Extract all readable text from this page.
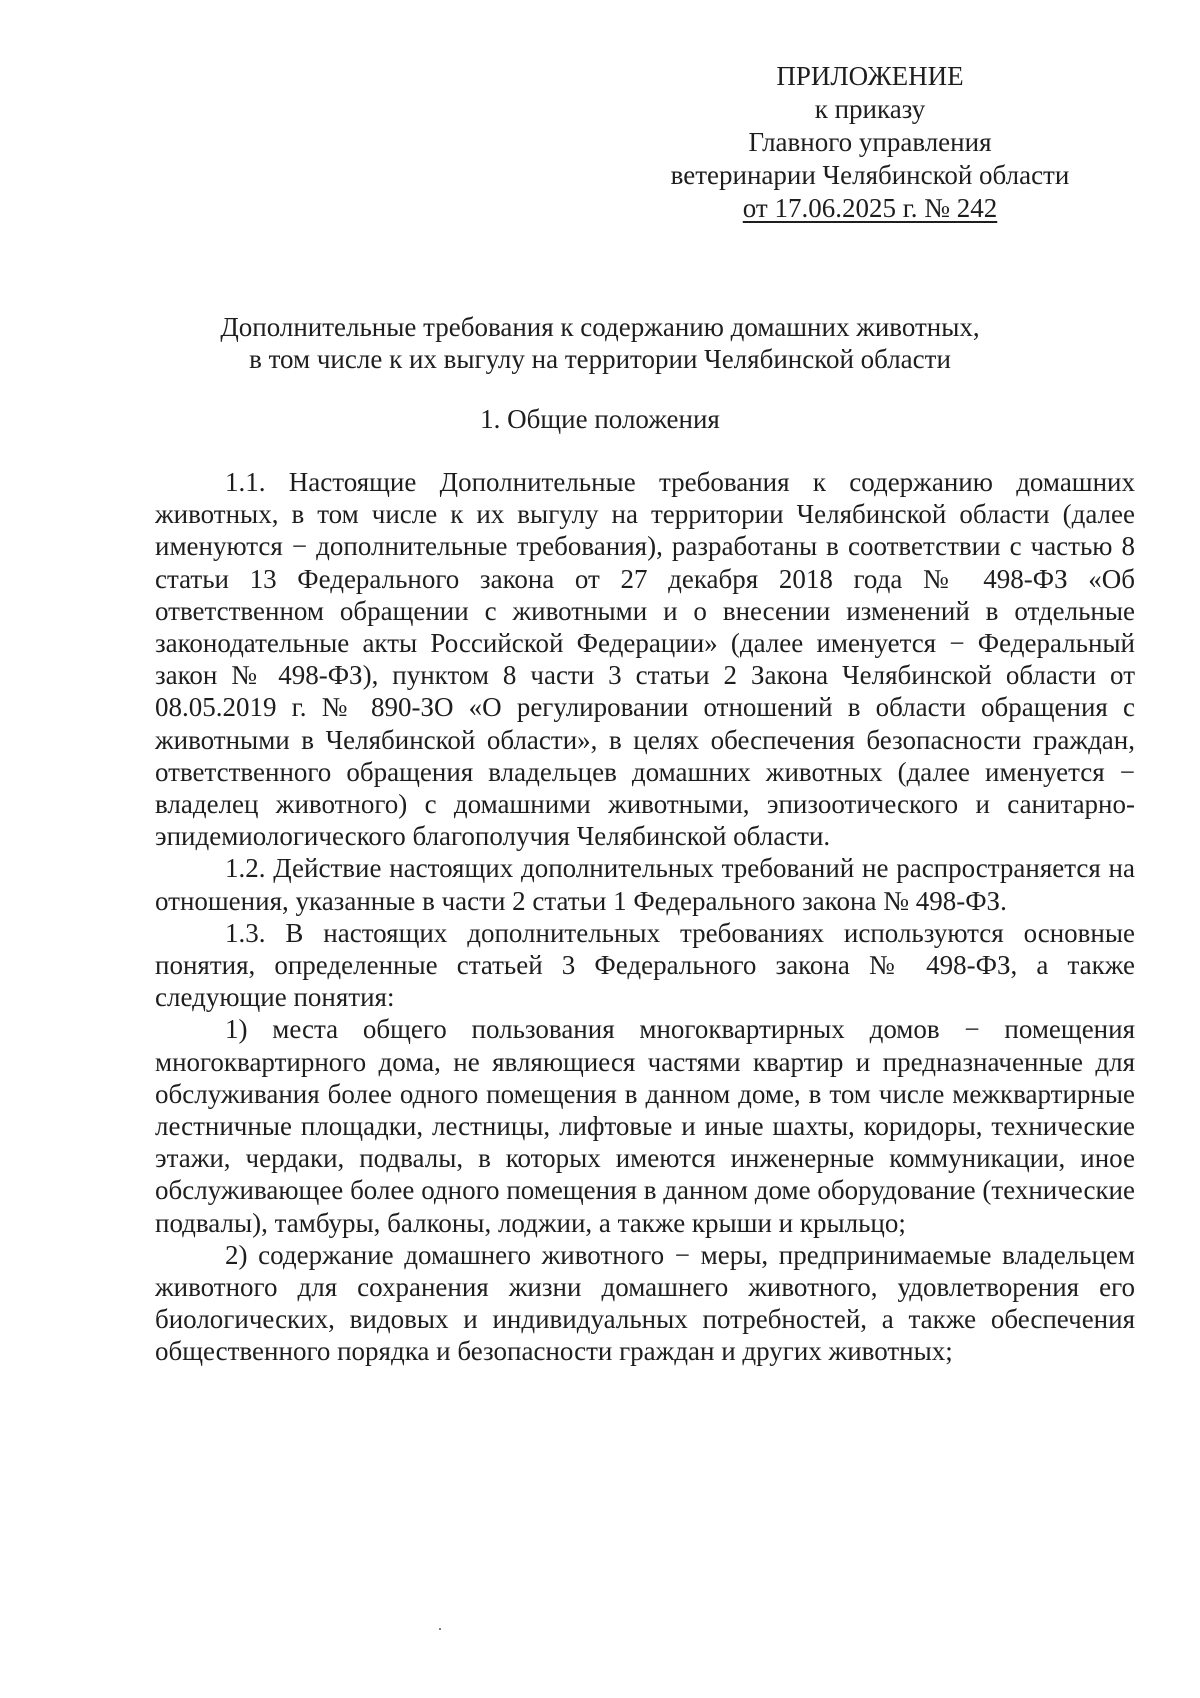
ПРИЛОЖЕНИЕ
к приказу
Главного управления
ветеринарии Челябинской области
от 17.06.2025 г. № 242
Дополнительные требования к содержанию домашних животных,
в том числе к их выгулу на территории Челябинской области
1. Общие положения

1.1. Настоящие Дополнительные требования к содержанию домашних животных, в том числе к их выгулу на территории Челябинской области (далее именуются − дополнительные требования), разработаны в соответствии с частью 8 статьи 13 Федерального закона от 27 декабря 2018 года № 498-ФЗ «Об ответственном обращении с животными и о внесении изменений в отдельные законодательные акты Российской Федерации» (далее именуется − Федеральный закон № 498-ФЗ), пунктом 8 части 3 статьи 2 Закона Челябинской области от 08.05.2019 г. № 890-ЗО «О регулировании отношений в области обращения с животными в Челябинской области», в целях обеспечения безопасности граждан, ответственного обращения владельцев домашних животных (далее именуется − владелец животного) с домашними животными, эпизоотического и санитарно-эпидемиологического благополучия Челябинской области.

1.2. Действие настоящих дополнительных требований не распространяется на отношения, указанные в части 2 статьи 1 Федерального закона № 498-ФЗ.

1.3. В настоящих дополнительных требованиях используются основные понятия, определенные статьей 3 Федерального закона № 498-ФЗ, а также следующие понятия:

1) места общего пользования многоквартирных домов − помещения многоквартирного дома, не являющиеся частями квартир и предназначенные для обслуживания более одного помещения в данном доме, в том числе межквартирные лестничные площадки, лестницы, лифтовые и иные шахты, коридоры, технические этажи, чердаки, подвалы, в которых имеются инженерные коммуникации, иное обслуживающее более одного помещения в данном доме оборудование (технические подвалы), тамбуры, балконы, лоджии, а также крыши и крыльцо;

2) содержание домашнего животного − меры, предпринимаемые владельцем животного для сохранения жизни домашнего животного, удовлетворения его биологических, видовых и индивидуальных потребностей, а также обеспечения общественного порядка и безопасности граждан и других животных;
